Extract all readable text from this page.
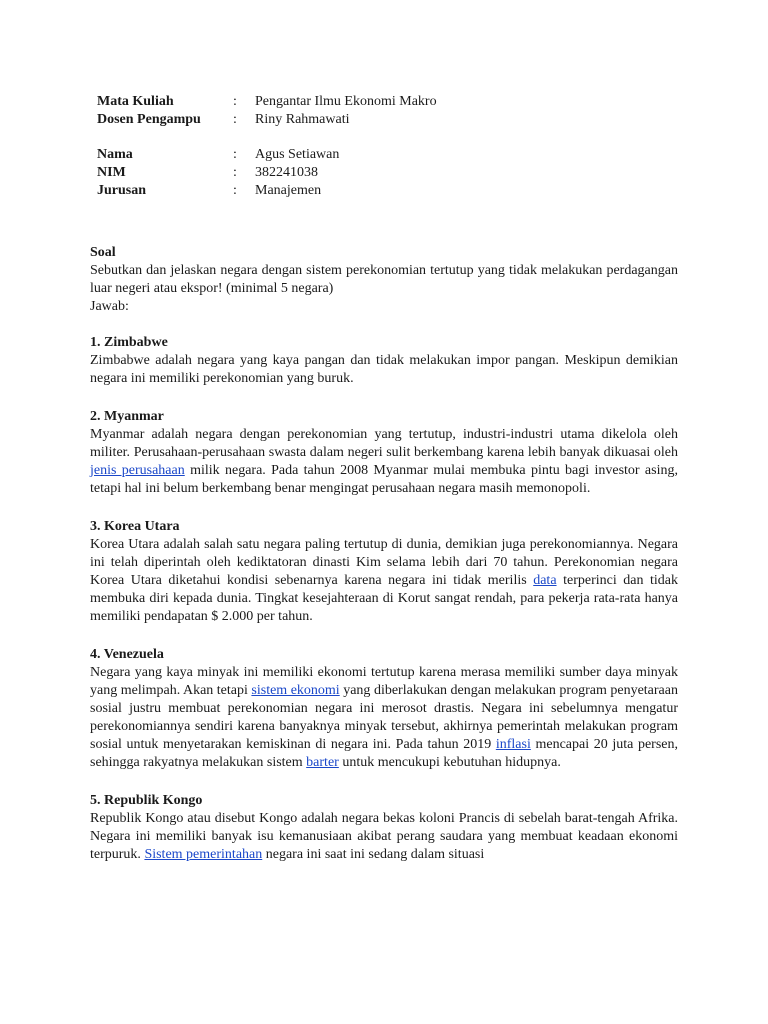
Mata Kuliah	:	Pengantar Ilmu Ekonomi Makro
Dosen Pengampu	:	Riny Rahmawati

Nama	:	Agus Setiawan
NIM	:	382241038
Jurusan	:	Manajemen
Soal

Sebutkan dan jelaskan negara dengan sistem perekonomian tertutup yang tidak melakukan perdagangan luar negeri atau ekspor! (minimal 5 negara)

Jawab:
1. Zimbabwe

Zimbabwe adalah negara yang kaya pangan dan tidak melakukan impor pangan. Meskipun demikian negara ini memiliki perekonomian yang buruk.

2. Myanmar

Myanmar adalah negara dengan perekonomian yang tertutup, industri-industri utama dikelola oleh militer. Perusahaan-perusahaan swasta dalam negeri sulit berkembang karena lebih banyak dikuasai oleh jenis perusahaan milik negara. Pada tahun 2008 Myanmar mulai membuka pintu bagi investor asing, tetapi hal ini belum berkembang benar mengingat perusahaan negara masih memonopoli.

3. Korea Utara

Korea Utara adalah salah satu negara paling tertutup di dunia, demikian juga perekonomiannya. Negara ini telah diperintah oleh kediktatoran dinasti Kim selama lebih dari 70 tahun. Perekonomian negara Korea Utara diketahui kondisi sebenarnya karena negara ini tidak merilis data terperinci dan tidak membuka diri kepada dunia. Tingkat kesejahteraan di Korut sangat rendah, para pekerja rata-rata hanya memiliki pendapatan $ 2.000 per tahun.

4. Venezuela

Negara yang kaya minyak ini memiliki ekonomi tertutup karena merasa memiliki sumber daya minyak yang melimpah. Akan tetapi sistem ekonomi yang diberlakukan dengan melakukan program penyetaraan sosial justru membuat perekonomian negara ini merosot drastis. Negara ini sebelumnya mengatur perekonomiannya sendiri karena banyaknya minyak tersebut, akhirnya pemerintah melakukan program sosial untuk menyetarakan kemiskinan di negara ini. Pada tahun 2019 inflasi mencapai 20 juta persen, sehingga rakyatnya melakukan sistem barter untuk mencukupi kebutuhan hidupnya.

5. Republik Kongo

Republik Kongo atau disebut Kongo adalah negara bekas koloni Prancis di sebelah barat-tengah Afrika. Negara ini memiliki banyak isu kemanusiaan akibat perang saudara yang membuat keadaan ekonomi terpuruk. Sistem pemerintahan negara ini saat ini sedang dalam situasi
